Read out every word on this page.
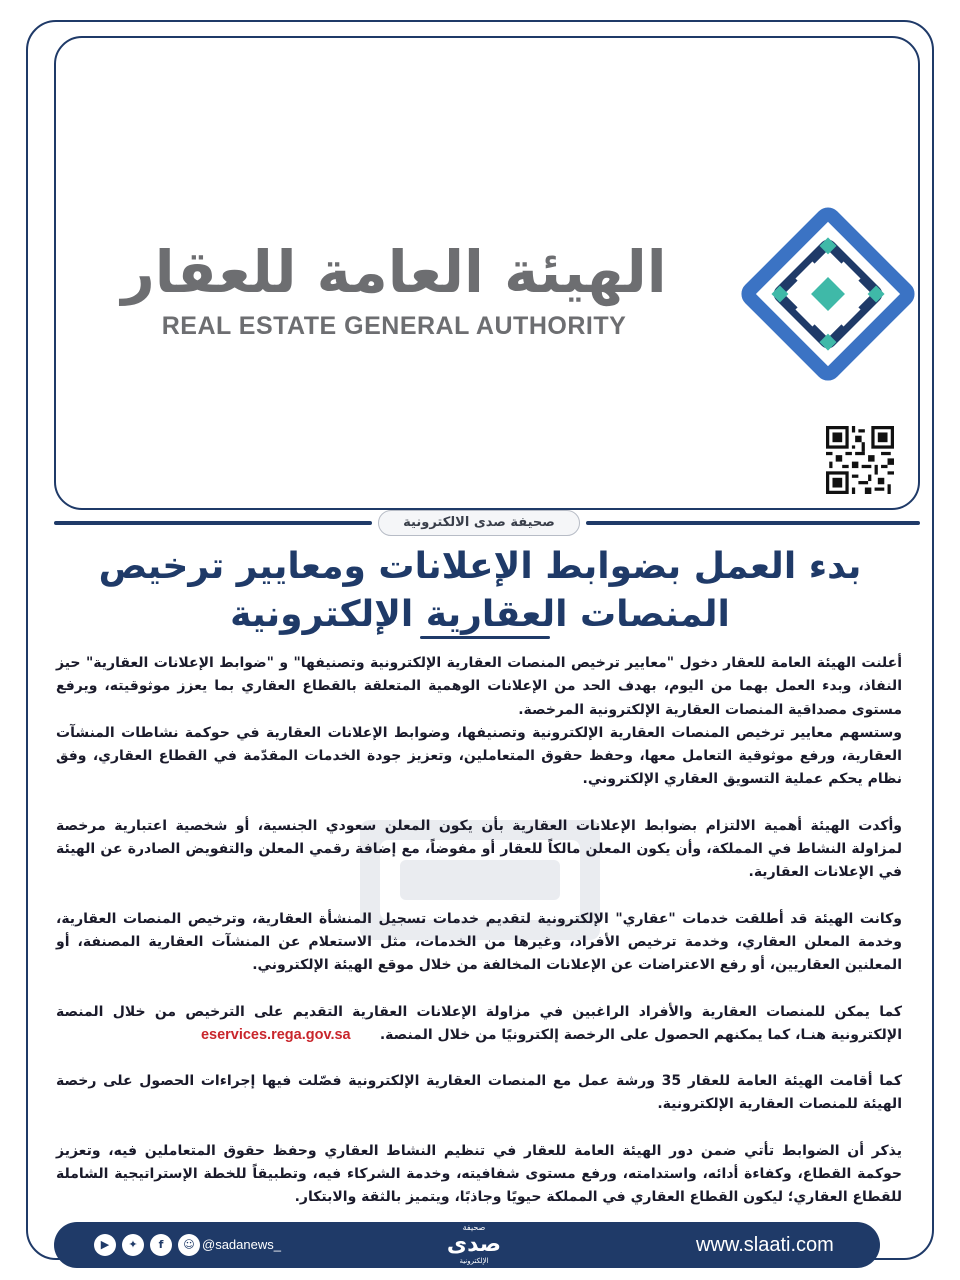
الهيئة العامة للعقار
REAL ESTATE GENERAL AUTHORITY
صحيفة صدى الالكترونية
بدء العمل بضوابط الإعلانات ومعايير ترخيص
المنصات العقارية الإلكترونية

أعلنت الهيئة العامة للعقار دخول "معايير ترخيص المنصات العقارية الإلكترونية وتصنيفها" و "ضوابط الإعلانات العقارية" حيز النفاذ، وبدء العمل بهما من اليوم، بهدف الحد من الإعلانات الوهمية المتعلقة بالقطاع العقاري بما يعزز موثوقيته، ويرفع مستوى مصداقية المنصات العقارية الإلكترونية المرخصة.

وستسهم معايير ترخيص المنصات العقارية الإلكترونية وتصنيفها، وضوابط الإعلانات العقارية في حوكمة نشاطات المنشآت العقارية، ورفع موثوقية التعامل معها، وحفظ حقوق المتعاملين، وتعزيز جودة الخدمات المقدّمة في القطاع العقاري، وفق نظام يحكم عملية التسويق العقاري الإلكتروني.

وأكدت الهيئة أهمية الالتزام بضوابط الإعلانات العقارية بأن يكون المعلن سعودي الجنسية، أو شخصية اعتبارية مرخصة لمزاولة النشاط في المملكة، وأن يكون المعلن مالكاً للعقار أو مفوضاً، مع إضافة رقمي المعلن والتفويض الصادرة عن الهيئة في الإعلانات العقارية.

وكانت الهيئة قد أطلقت خدمات "عقاري" الإلكترونية لتقديم خدمات تسجيل المنشأة العقارية، وترخيص المنصات العقارية، وخدمة المعلن العقاري، وخدمة ترخيص الأفراد، وغيرها من الخدمات، مثل الاستعلام عن المنشآت العقارية المصنفة، أو المعلنين العقاريين، أو رفع الاعتراضات عن الإعلانات المخالفة من خلال موقع الهيئة الإلكتروني.

كما يمكن للمنصات العقارية والأفراد الراغبين في مزاولة الإعلانات العقارية التقديم على الترخيص من خلال المنصة الإلكترونية هنـا، كما يمكنهم الحصول على الرخصة إلكترونيًا من خلال المنصة.      eservices.rega.gov.sa

كما أقامت الهيئة العامة للعقار 35 ورشة عمل مع المنصات العقارية الإلكترونية فصّلت فيها إجراءات الحصول على رخصة الهيئة للمنصات العقارية الإلكترونية.

يذكر أن الضوابط تأتي ضمن دور الهيئة العامة للعقار في تنظيم النشاط العقاري وحفظ حقوق المتعاملين فيه، وتعزيز حوكمة القطاع، وكفاءة أدائه، واستدامته، ورفع مستوى شفافيته، وخدمة الشركاء فيه، وتطبيقاً للخطة الإستراتيجية الشاملة للقطاع العقاري؛ ليكون القطاع العقاري في المملكة حيويًا وجاذبًا، ويتميز بالثقة والابتكار.

▶	✦	f	☺ @sadanews_
صحيفة
صدى
الإلكترونية
www.slaati.com
